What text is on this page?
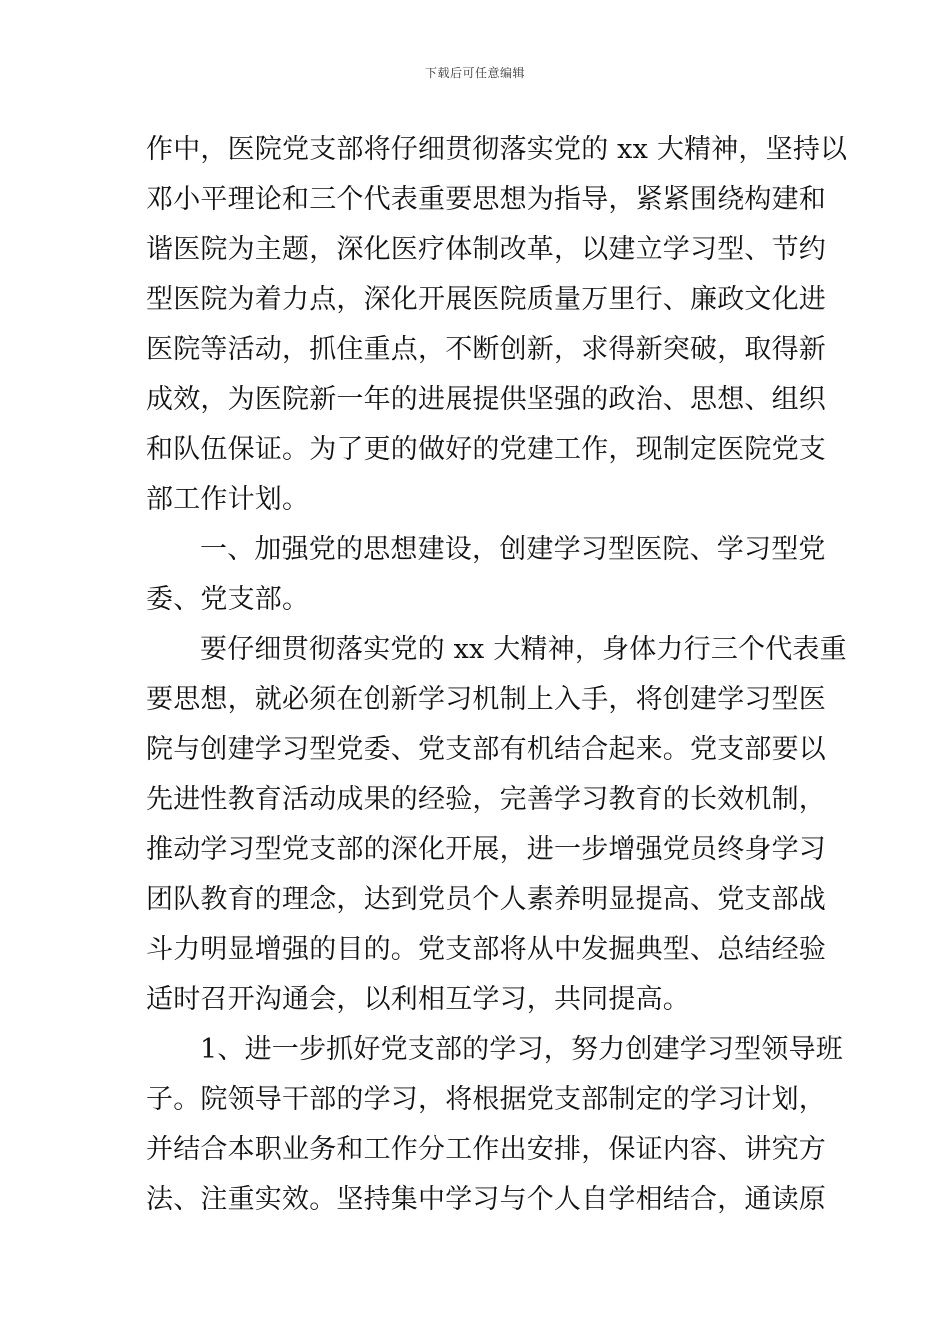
下载后可任意编辑
作中，医院党支部将仔细贯彻落实党的 xx 大精神，坚持以
邓小平理论和三个代表重要思想为指导，紧紧围绕构建和
谐医院为主题，深化医疗体制改革，以建立学习型、节约
型医院为着力点，深化开展医院质量万里行、廉政文化进
医院等活动，抓住重点，不断创新，求得新突破，取得新
成效，为医院新一年的进展提供坚强的政治、思想、组织
和队伍保证。为了更的做好的党建工作，现制定医院党支
部工作计划。
一、加强党的思想建设，创建学习型医院、学习型党
委、党支部。
要仔细贯彻落实党的 xx 大精神，身体力行三个代表重
要思想，就必须在创新学习机制上入手，将创建学习型医
院与创建学习型党委、党支部有机结合起来。党支部要以
先进性教育活动成果的经验，完善学习教育的长效机制，
推动学习型党支部的深化开展，进一步增强党员终身学习
团队教育的理念，达到党员个人素养明显提高、党支部战
斗力明显增强的目的。党支部将从中发掘典型、总结经验
适时召开沟通会，以利相互学习，共同提高。
1、进一步抓好党支部的学习，努力创建学习型领导班
子。院领导干部的学习，将根据党支部制定的学习计划，
并结合本职业务和工作分工作出安排，保证内容、讲究方
法、注重实效。坚持集中学习与个人自学相结合，通读原
